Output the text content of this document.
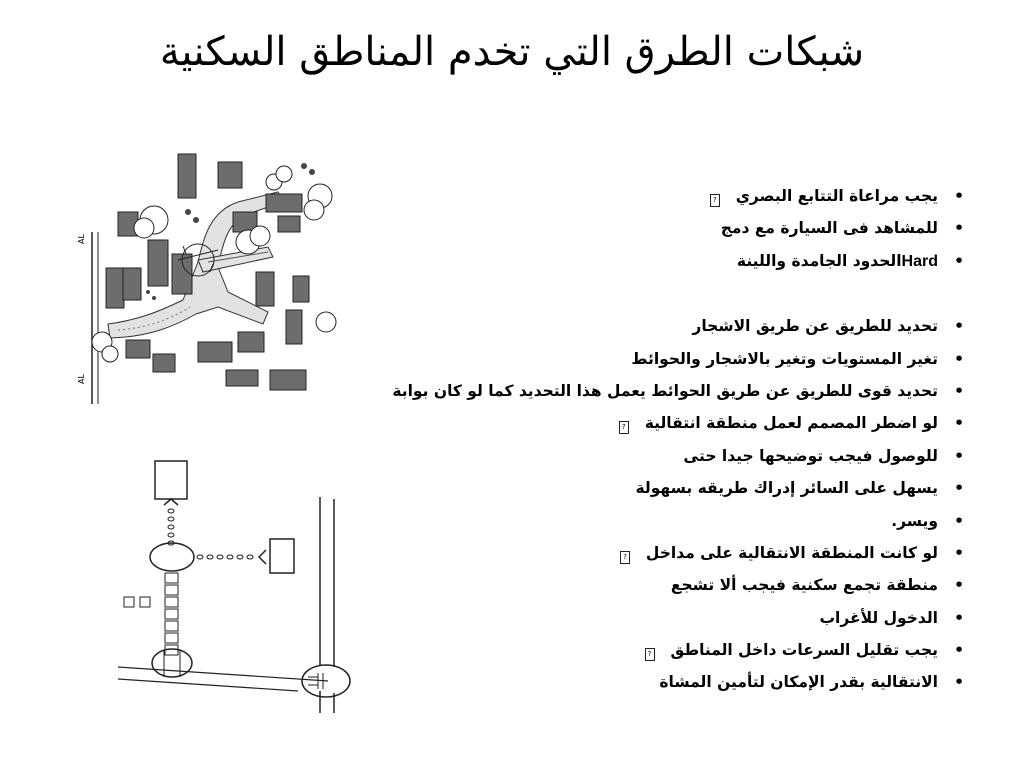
شبكات الطرق التي تخدم المناطق السكنية
AL
AL
• يجب مراعاة التتابع البصري?
• للمشاهد فى السيارة مع دمج
• Hardالحدود الجامدة واللينة
• تحديد للطريق عن طريق الاشجار
• تغير المستويات وتغير بالاشجار والحوائط
• تحديد قوى للطريق عن طريق الحوائط يعمل هذا التحديد كما لو كان بوابة
• لو اضطر المصمم لعمل منطقة انتقالية?
• للوصول فيجب توضيحها جيدا حتى
• يسهل على السائر إدراك طريقه بسهولة
• ويسر.
• لو كانت المنطقة الانتقالية على مداخل?
• منطقة تجمع سكنية فيجب ألا تشجع
• الدخول للأغراب
• يجب تقليل السرعات داخل المناطق?
• الانتقالية بقدر الإمكان لتأمين المشاة
